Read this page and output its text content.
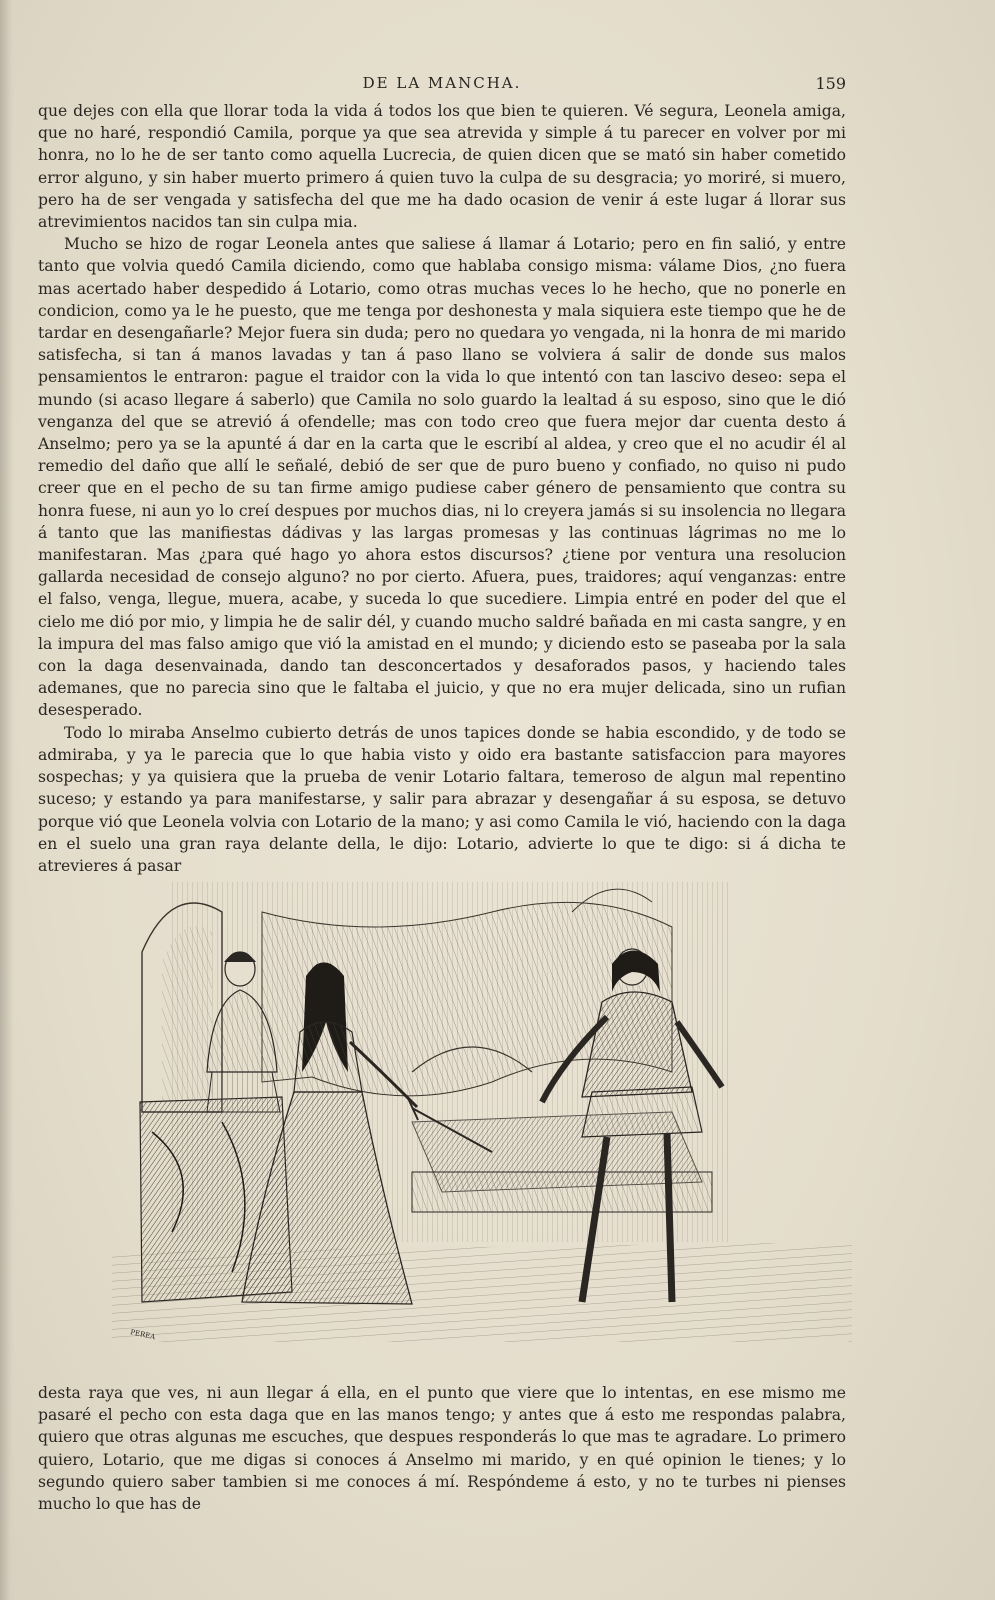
DE LA MANCHA.	159

que dejes con ella que llorar toda la vida á todos los que bien te quieren. Vé segura, Leonela amiga, que no haré, respondió Camila, porque ya que sea atrevida y simple á tu parecer en volver por mi honra, no lo he de ser tanto como aquella Lucrecia, de quien dicen que se mató sin haber cometido error alguno, y sin haber muerto primero á quien tuvo la culpa de su desgracia; yo moriré, si muero, pero ha de ser vengada y satisfecha del que me ha dado ocasion de venir á este lugar á llorar sus atrevimientos nacidos tan sin culpa mia.

Mucho se hizo de rogar Leonela antes que saliese á llamar á Lotario; pero en fin salió, y entre tanto que volvia quedó Camila diciendo, como que hablaba consigo misma: válame Dios, ¿no fuera mas acertado haber despedido á Lotario, como otras muchas veces lo he hecho, que no ponerle en condicion, como ya le he puesto, que me tenga por deshonesta y mala siquiera este tiempo que he de tardar en desengañarle? Mejor fuera sin duda; pero no quedara yo vengada, ni la honra de mi marido satisfecha, si tan á manos lavadas y tan á paso llano se volviera á salir de donde sus malos pensamientos le entraron: pague el traidor con la vida lo que intentó con tan lascivo deseo: sepa el mundo (si acaso llegare á saberlo) que Camila no solo guardo la lealtad á su esposo, sino que le dió venganza del que se atrevió á ofendelle; mas con todo creo que fuera mejor dar cuenta desto á Anselmo; pero ya se la apunté á dar en la carta que le escribí al aldea, y creo que el no acudir él al remedio del daño que allí le señalé, debió de ser que de puro bueno y confiado, no quiso ni pudo creer que en el pecho de su tan firme amigo pudiese caber género de pensamiento que contra su honra fuese, ni aun yo lo creí despues por muchos dias, ni lo creyera jamás si su insolencia no llegara á tanto que las manifiestas dádivas y las largas promesas y las continuas lágrimas no me lo manifestaran. Mas ¿para qué hago yo ahora estos discursos? ¿tiene por ventura una resolucion gallarda necesidad de consejo alguno? no por cierto. Afuera, pues, traidores; aquí venganzas: entre el falso, venga, llegue, muera, acabe, y suceda lo que sucediere. Limpia entré en poder del que el cielo me dió por mio, y limpia he de salir dél, y cuando mucho saldré bañada en mi casta sangre, y en la impura del mas falso amigo que vió la amistad en el mundo; y diciendo esto se paseaba por la sala con la daga desenvainada, dando tan desconcertados y desaforados pasos, y haciendo tales ademanes, que no parecia sino que le faltaba el juicio, y que no era mujer delicada, sino un rufian desesperado.

Todo lo miraba Anselmo cubierto detrás de unos tapices donde se habia escondido, y de todo se admiraba, y ya le parecia que lo que habia visto y oido era bastante satisfaccion para mayores sospechas; y ya quisiera que la prueba de venir Lotario faltara, temeroso de algun mal repentino suceso; y estando ya para manifestarse, y salir para abrazar y desengañar á su esposa, se detuvo porque vió que Leonela volvia con Lotario de la mano; y asi como Camila le vió, haciendo con la daga en el suelo una gran raya delante della, le dijo: Lotario, advierte lo que te digo: si á dicha te atrevieres á pasar

PEREA

desta raya que ves, ni aun llegar á ella, en el punto que viere que lo intentas, en ese mismo me pasaré el pecho con esta daga que en las manos tengo; y antes que á esto me respondas palabra, quiero que otras algunas me escuches, que despues responderás lo que mas te agradare. Lo primero quiero, Lotario, que me digas si conoces á Anselmo mi marido, y en qué opinion le tienes; y lo segundo quiero saber tambien si me conoces á mí. Respóndeme á esto, y no te turbes ni pienses mucho lo que has de
